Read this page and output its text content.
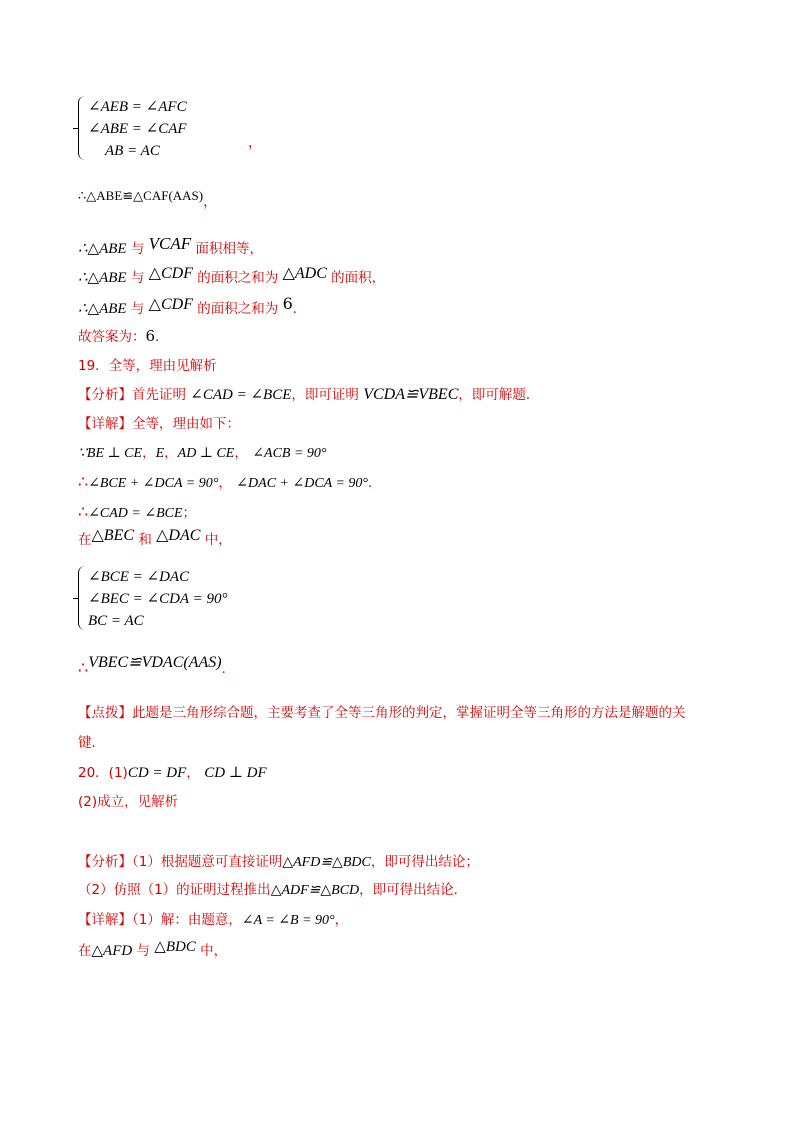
∠AEB = ∠AFC
∠ABE = ∠CAF
AB = AC	，
∴△ABE≌△CAF(AAS)，
∴△ABE 与 VCAF 面积相等，
∴△ABE 与 △CDF 的面积之和为 △ADC 的面积，
∴△ABE 与 △CDF 的面积之和为 6．
故答案为：6．
19．全等，理由见解析
【分析】首先证明 ∠CAD = ∠BCE，即可证明 VCDA≌VBEC，即可解题．
【详解】全等，理由如下：
∵BE ⊥ CE，E，AD ⊥ CE， ∠ACB = 90°
∴∠BCE + ∠DCA = 90°， ∠DAC + ∠DCA = 90°．
∴∠CAD = ∠BCE；
在△BEC 和 △DAC 中，
∠BCE = ∠DAC
∠BEC = ∠CDA = 90°
BC = AC
∴VBEC≌VDAC(AAS)．
【点拨】此题是三角形综合题，主要考查了全等三角形的判定，掌握证明全等三角形的方法是解题的关
键．
20．(1)CD = DF， CD ⊥ DF
(2)成立，见解析
【分析】（1）根据题意可直接证明△AFD≌△BDC，即可得出结论；
（2）仿照（1）的证明过程推出△ADF≌△BCD，即可得出结论．
【详解】（1）解：由题意，∠A = ∠B = 90°，
在△AFD 与 △BDC 中，
